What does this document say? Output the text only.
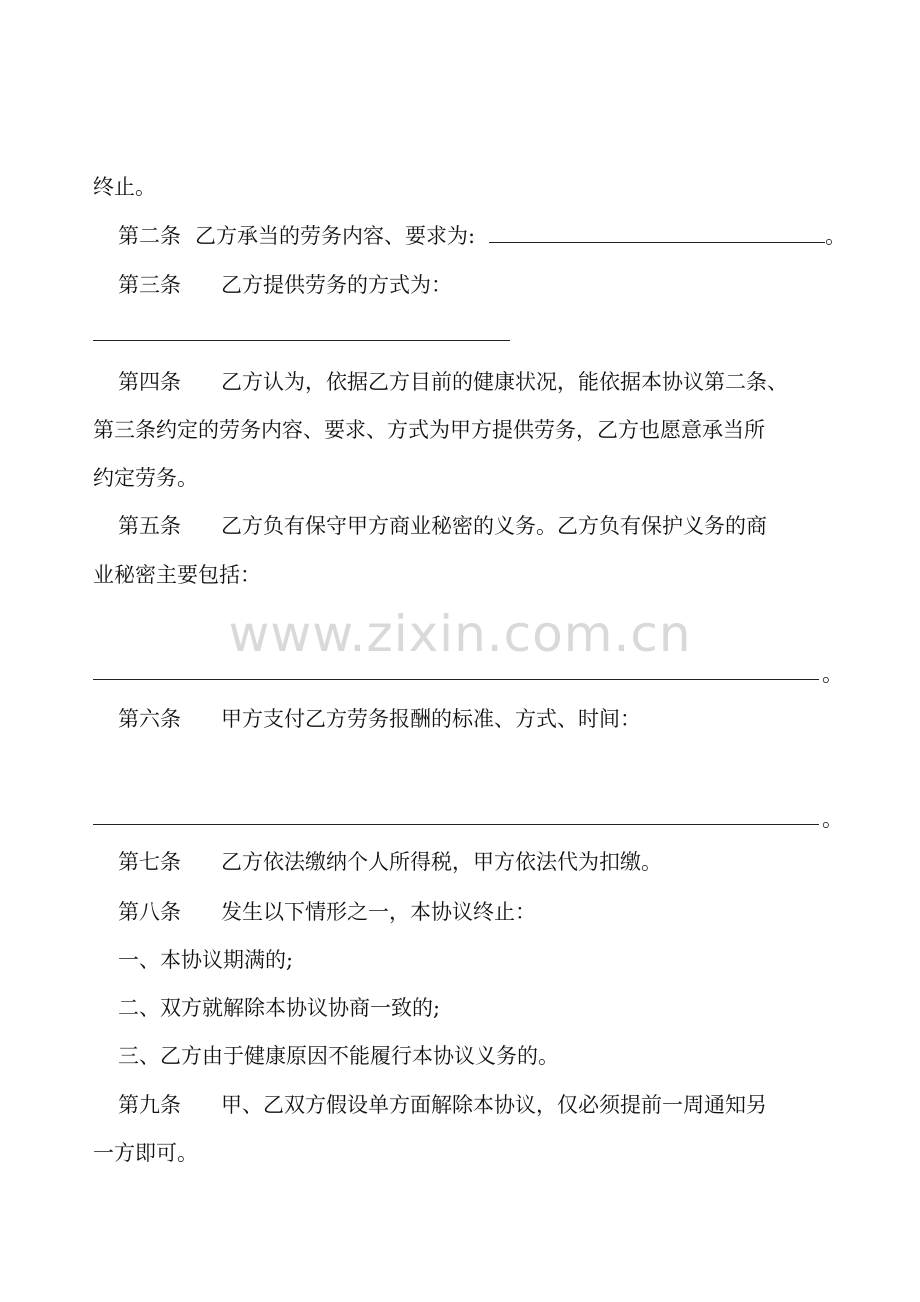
www.zixin.com.cn
终止。
第二条 乙方承当的劳务内容、要求为:	。
第三条 乙方提供劳务的方式为：
第四条 乙方认为，依据乙方目前的健康状况，能依据本协议第二条、
第三条约定的劳务内容、要求、方式为甲方提供劳务，乙方也愿意承当所
约定劳务。
第五条 乙方负有保守甲方商业秘密的义务。乙方负有保护义务的商
业秘密主要包括：
。
第六条 甲方支付乙方劳务报酬的标准、方式、时间：
。
第七条 乙方依法缴纳个人所得税，甲方依法代为扣缴。
第八条 发生以下情形之一，本协议终止：
一、本协议期满的;
二、双方就解除本协议协商一致的;
三、乙方由于健康原因不能履行本协议义务的。
第九条 甲、乙双方假设单方面解除本协议，仅必须提前一周通知另
一方即可。
